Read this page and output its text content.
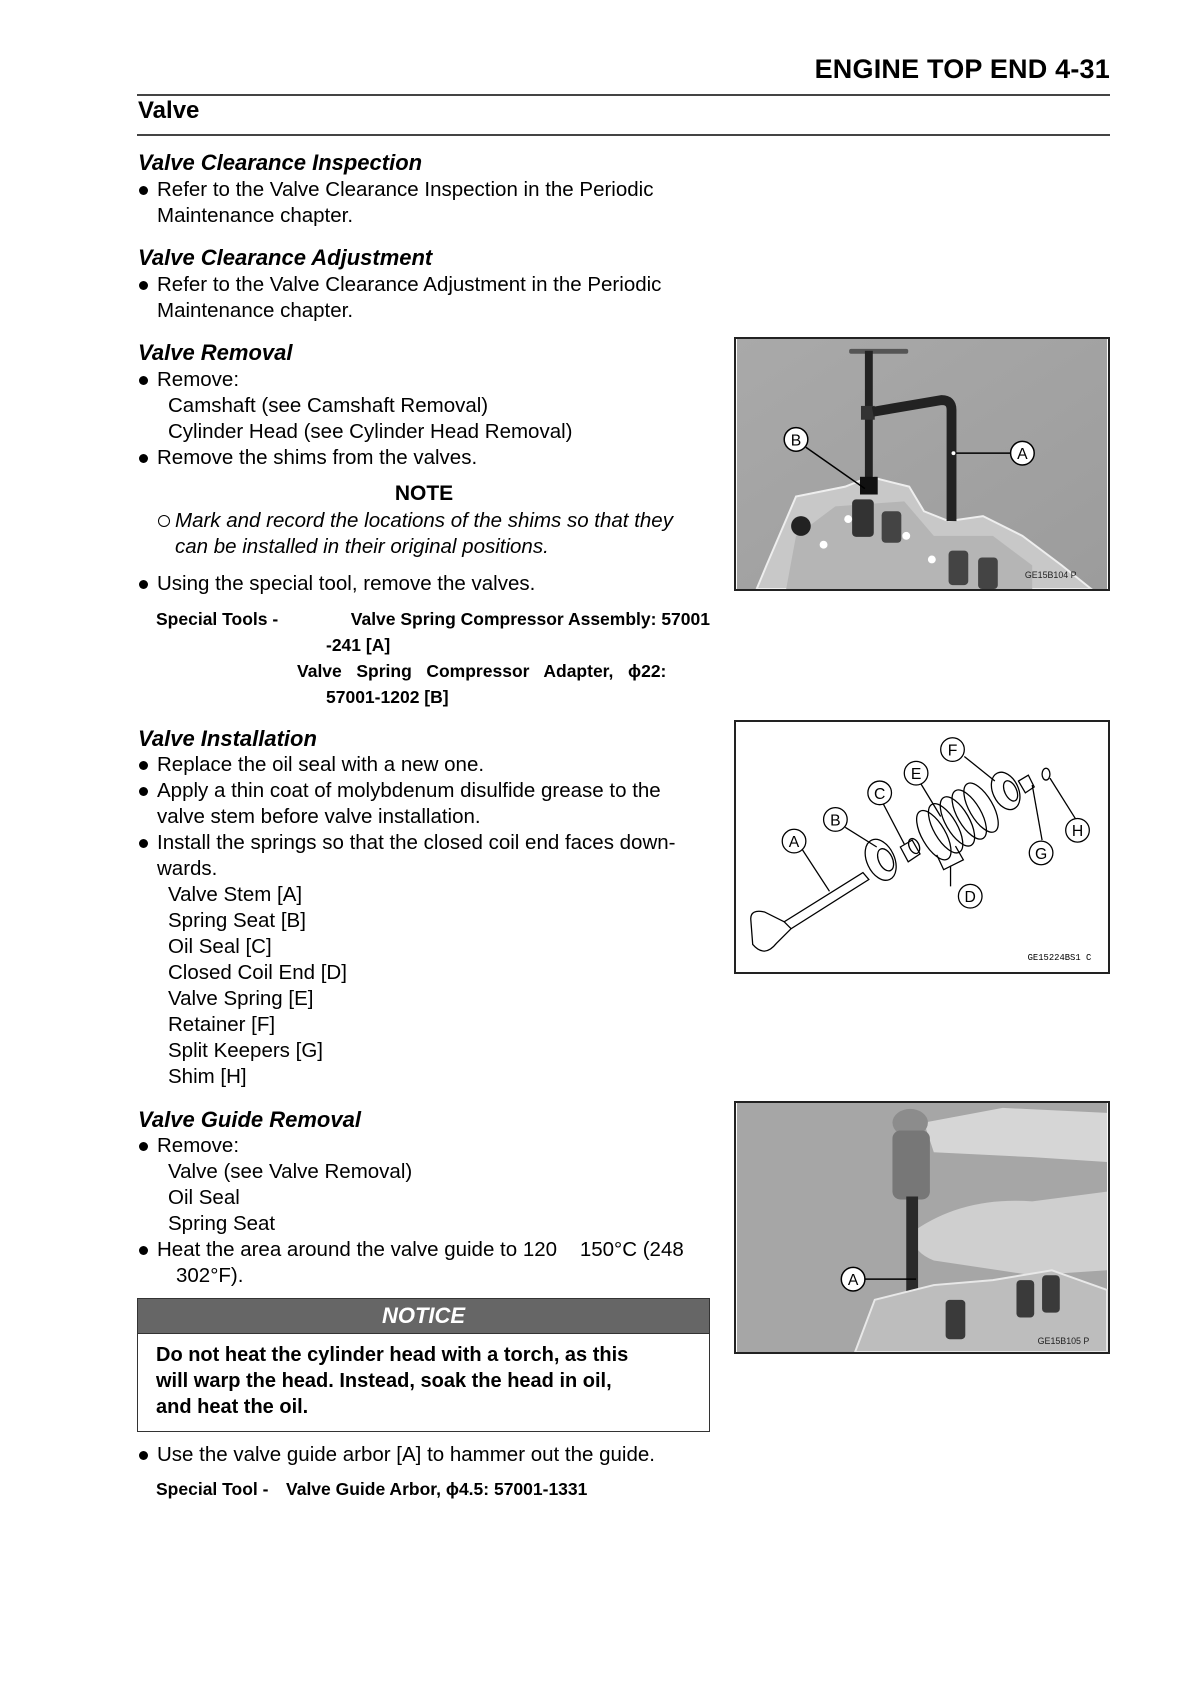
ENGINE TOP END 4-31
Valve
Valve Clearance Inspection
Refer to the Valve Clearance Inspection in the Periodic
Maintenance chapter.
Valve Clearance Adjustment
Refer to the Valve Clearance Adjustment in the Periodic
Maintenance chapter.
Valve Removal
Remove:
Camshaft (see Camshaft Removal)
Cylinder Head (see Cylinder Head Removal)
Remove the shims from the valves.
NOTE
Mark and record the locations of the shims so that they
can be installed in their original positions.
Using the special tool, remove the valves.
Special Tools -	Valve Spring Compressor Assembly: 57001
-241 [A]
Valve   Spring   Compressor   Adapter,   ϕ22:
57001-1202 [B]
Valve Installation
Replace the oil seal with a new one.
Apply a thin coat of molybdenum disulfide grease to the
valve stem before valve installation.
Install the springs so that the closed coil end faces down-
wards.
Valve Stem [A]
Spring Seat [B]
Oil Seal [C]
Closed Coil End [D]
Valve Spring [E]
Retainer [F]
Split Keepers [G]
Shim [H]
Valve Guide Removal
Remove:
Valve (see Valve Removal)
Oil Seal
Spring Seat
Heat the area around the valve guide to 120    150°C (248
302°F).
NOTICE
Do not heat the cylinder head with a torch, as this
will warp the head. Instead, soak the head in oil,
and heat the oil.
Use the valve guide arbor [A] to hammer out the guide.
Special Tool - Valve Guide Arbor, ϕ4.5: 57001-1331
B
A
GE15B104 P
A
B
C
D
E
F
G
H
GE15224BS1 C
A
GE15B105 P
